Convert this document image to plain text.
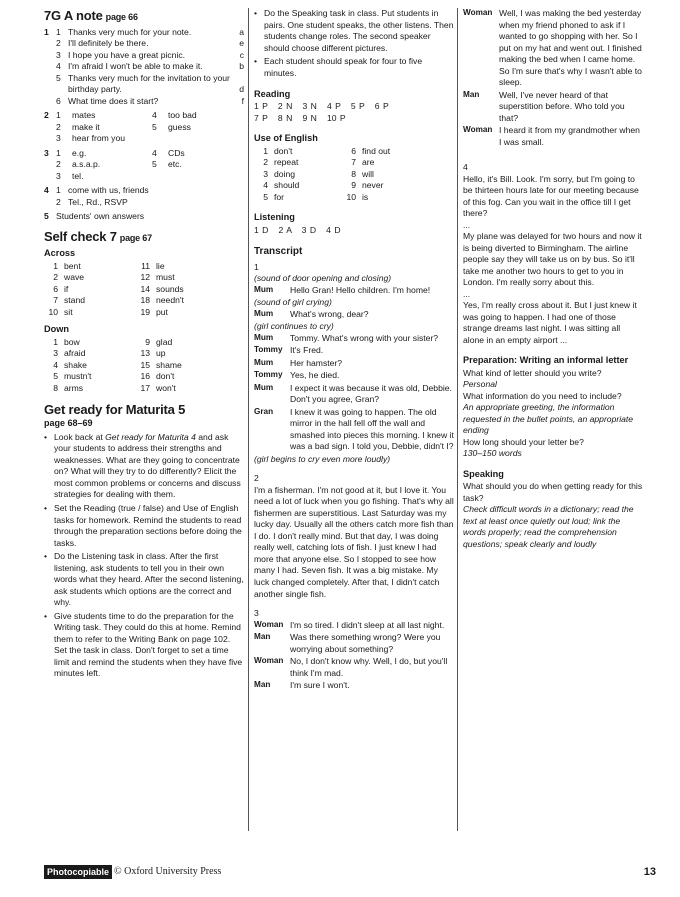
7G A note page 66
1 1 Thanks very much for your note.	a
2 I'll definitely be there.	e
3 I hope you have a great picnic.	c
4 I'm afraid I won't be able to make it.	b
5 Thanks very much for the invitation to your birthday party.	d
6 What time does it start?	f
2 1	mates	4	too bad
2	make it	5	guess
3	hear from you
3 1	e.g.	4	CDs
2	a.s.a.p.	5	etc.
3	tel.
4 1 come with us, friends
2 Tel., Rd., RSVP
5 Students' own answers
Self check 7 page 67
Across
1 bent	11 lie
2 wave	12 must
6 if	14 sounds
7 stand	18 needn't
10 sit	19 put
Down
1 bow	9 glad
3 afraid	13 up
4 shake	15 shame
5 mustn't	16 don't
8 arms	17 won't
Get ready for Maturita 5
page 68–69
• Look back at Get ready for Maturita 4 and ask your students to address their strengths and weaknesses. What are they going to concentrate on? What will they try to do differently? Elicit the most common problems or concerns and discuss strategies for dealing with them.
• Set the Reading (true / false) and Use of English tasks for homework. Remind the students to read through the preparation sections before doing the tasks.
• Do the Listening task in class. After the first listening, ask students to tell you in their own words what they heard. After the second listening, ask students which options are the correct and why.
• Give students time to do the preparation for the Writing task. They could do this at home. Remind them to refer to the Writing Bank on page 102. Set the task in class. Don't forget to set a time limit and remind the students when they have five minutes left.
• Do the Speaking task in class. Put students in pairs. One student speaks, the other listens. Then students change roles. The second speaker should choose different pictures.
• Each student should speak for four to five minutes.
Reading
1 P   2 N   3 N   4 P   5 P   6 P
7 P   8 N   9 N   10 P
Use of English
1 don't	6 find out
2 repeat	7 are
3 doing	8 will
4 should	9 never
5 for	10 is
Listening
1 D   2 A   3 D   4 D
Transcript
1
(sound of door opening and closing)
Mum	Hello Gran! Hello children. I'm home!
(sound of girl crying)
Mum	What's wrong, dear?
(girl continues to cry)
Mum	Tommy. What's wrong with your sister?
Tommy It's Fred.
Mum	Her hamster?
Tommy Yes, he died.
Mum	I expect it was because it was old, Debbie. Don't you agree, Gran?
Gran	I knew it was going to happen. The old mirror in the hall fell off the wall and smashed into pieces this morning. I knew it was a bad sign. I told you, Debbie, didn't I?
(girl begins to cry even more loudly)
2

I'm a fisherman. I'm not good at it, but I love it. You need a lot of luck when you go fishing. That's why all fishermen are superstitious. Last Saturday was my lucky day. Usually all the others catch more fish than I do. I don't really mind. But that day, I was doing really well, catching lots of fish. I just knew I had more that anyone else. So I stopped to see how many I had. Seven fish. It was a big mistake. My luck changed completely. After that, I didn't catch another single fish.

3
Woman I'm so tired. I didn't sleep at all last night.
Man	Was there something wrong? Were you worrying about something?
Woman No, I don't know why. Well, I do, but you'll think I'm mad.
Man	I'm sure I won't.
Woman Well, I was making the bed yesterday when my friend phoned to ask if I wanted to go shopping with her. So I put on my hat and went out. I finished making the bed when I came home. So I'm sure that's why I wasn't able to sleep.
Man	Well, I've never heard of that superstition before. Who told you that?
Woman I heard it from my grandmother when I was small.
4

Hello, it's Bill. Look. I'm sorry, but I'm going to be thirteen hours late for our meeting because of this fog. Can you wait in the office till I get there?

...

My plane was delayed for two hours and now it is being diverted to Birmingham. The airline people say they will take us on by bus. So it'll take me another two hours to get to you in London. I'm really sorry about this.

...

Yes, I'm really cross about it. But I just knew it was going to happen. I had one of those strange dreams last night. I was sitting all alone in an empty airport ...

Preparation: Writing an informal letter
What kind of letter should you write?
Personal
What information do you need to include?
An appropriate greeting, the information requested in the bullet points, an appropriate ending
How long should your letter be?
130–150 words
Speaking
What should you do when getting ready for this task?
Check difficult words in a dictionary; read the text at least once quietly out loud; link the words properly; read the comprehension questions; speak clearly and loudly
Photocopiable © Oxford University Press	13
